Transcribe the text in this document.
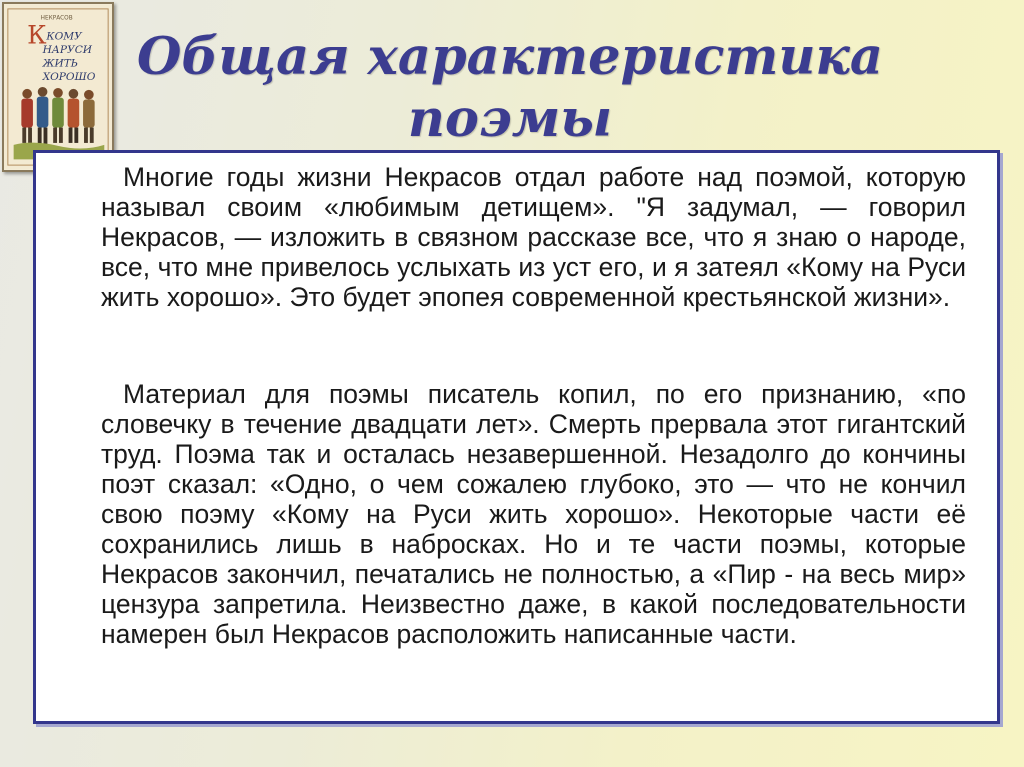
НЕКРАСОВ
К КОМУ
НА РУСИ
ЖИТЬ
ХОРОШО Общая характеристика поэмы

Многие годы жизни Некрасов отдал работе над поэмой, которую называл своим «любимым детищем». "Я задумал, — говорил Некрасов, — изложить в связном рассказе все, что я знаю о народе, все, что мне привелось услыхать из уст его, и я затеял «Кому на Руси жить хорошо». Это будет эпопея современной крестьянской жизни».

Материал для поэмы писатель копил, по его признанию, «по словечку в течение двадцати лет». Смерть прервала этот гигантский труд. Поэма так и осталась незавершенной. Незадолго до кончины поэт сказал: «Одно, о чем сожалею глубоко, это — что не кончил свою поэму «Кому на Руси жить хорошо». Некоторые части её сохранились лишь в набросках. Но и те части поэмы, которые Некрасов закончил, печатались не полностью, а «Пир - на весь мир» цензура запретила. Неизвестно даже, в какой последовательности намерен был Некрасов расположить написанные части.
